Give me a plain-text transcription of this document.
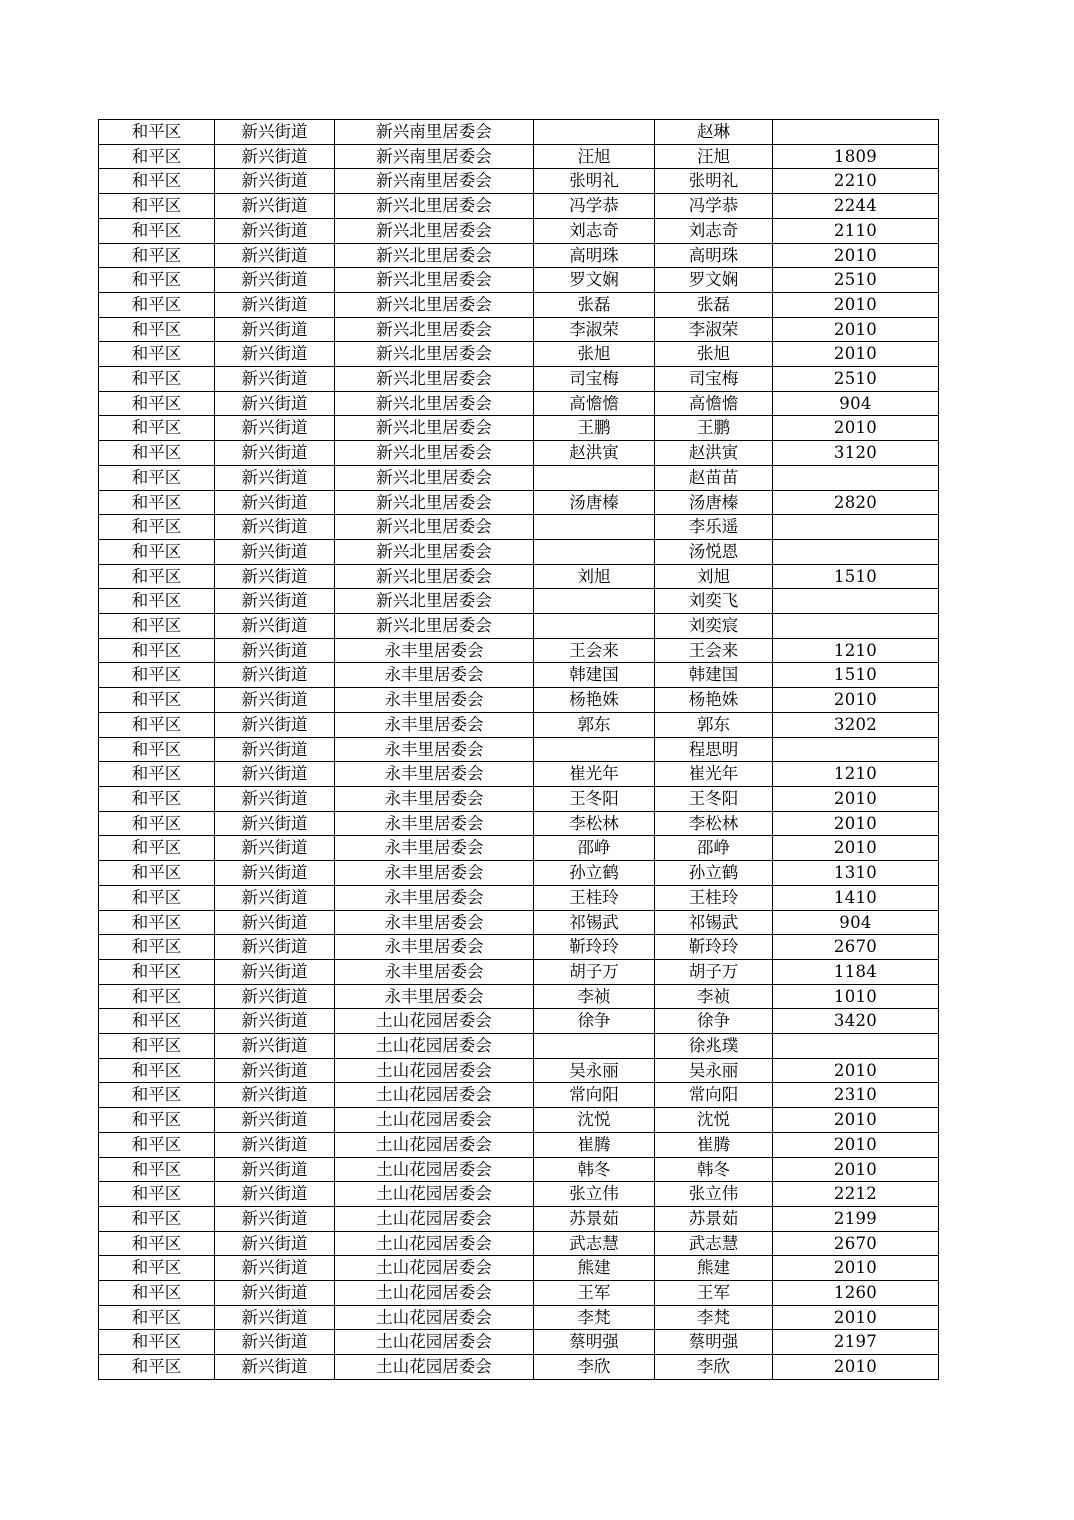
和平区	新兴街道	新兴南里居委会		赵琳	
和平区	新兴街道	新兴南里居委会	汪旭	汪旭	1809
和平区	新兴街道	新兴南里居委会	张明礼	张明礼	2210
和平区	新兴街道	新兴北里居委会	冯学恭	冯学恭	2244
和平区	新兴街道	新兴北里居委会	刘志奇	刘志奇	2110
和平区	新兴街道	新兴北里居委会	高明珠	高明珠	2010
和平区	新兴街道	新兴北里居委会	罗文娴	罗文娴	2510
和平区	新兴街道	新兴北里居委会	张磊	张磊	2010
和平区	新兴街道	新兴北里居委会	李淑荣	李淑荣	2010
和平区	新兴街道	新兴北里居委会	张旭	张旭	2010
和平区	新兴街道	新兴北里居委会	司宝梅	司宝梅	2510
和平区	新兴街道	新兴北里居委会	高憺憺	高憺憺	904
和平区	新兴街道	新兴北里居委会	王鹏	王鹏	2010
和平区	新兴街道	新兴北里居委会	赵洪寅	赵洪寅	3120
和平区	新兴街道	新兴北里居委会		赵苗苗	
和平区	新兴街道	新兴北里居委会	汤唐榛	汤唐榛	2820
和平区	新兴街道	新兴北里居委会		李乐遥	
和平区	新兴街道	新兴北里居委会		汤悦恩	
和平区	新兴街道	新兴北里居委会	刘旭	刘旭	1510
和平区	新兴街道	新兴北里居委会		刘奕飞	
和平区	新兴街道	新兴北里居委会		刘奕宸	
和平区	新兴街道	永丰里居委会	王会来	王会来	1210
和平区	新兴街道	永丰里居委会	韩建国	韩建国	1510
和平区	新兴街道	永丰里居委会	杨艳姝	杨艳姝	2010
和平区	新兴街道	永丰里居委会	郭东	郭东	3202
和平区	新兴街道	永丰里居委会		程思明	
和平区	新兴街道	永丰里居委会	崔光年	崔光年	1210
和平区	新兴街道	永丰里居委会	王冬阳	王冬阳	2010
和平区	新兴街道	永丰里居委会	李松林	李松林	2010
和平区	新兴街道	永丰里居委会	邵峥	邵峥	2010
和平区	新兴街道	永丰里居委会	孙立鹤	孙立鹤	1310
和平区	新兴街道	永丰里居委会	王桂玲	王桂玲	1410
和平区	新兴街道	永丰里居委会	祁锡武	祁锡武	904
和平区	新兴街道	永丰里居委会	靳玲玲	靳玲玲	2670
和平区	新兴街道	永丰里居委会	胡子万	胡子万	1184
和平区	新兴街道	永丰里居委会	李祯	李祯	1010
和平区	新兴街道	土山花园居委会	徐争	徐争	3420
和平区	新兴街道	土山花园居委会		徐兆璞	
和平区	新兴街道	土山花园居委会	吴永丽	吴永丽	2010
和平区	新兴街道	土山花园居委会	常向阳	常向阳	2310
和平区	新兴街道	土山花园居委会	沈悦	沈悦	2010
和平区	新兴街道	土山花园居委会	崔腾	崔腾	2010
和平区	新兴街道	土山花园居委会	韩冬	韩冬	2010
和平区	新兴街道	土山花园居委会	张立伟	张立伟	2212
和平区	新兴街道	土山花园居委会	苏景茹	苏景茹	2199
和平区	新兴街道	土山花园居委会	武志慧	武志慧	2670
和平区	新兴街道	土山花园居委会	熊建	熊建	2010
和平区	新兴街道	土山花园居委会	王军	王军	1260
和平区	新兴街道	土山花园居委会	李梵	李梵	2010
和平区	新兴街道	土山花园居委会	蔡明强	蔡明强	2197
和平区	新兴街道	土山花园居委会	李欣	李欣	2010
